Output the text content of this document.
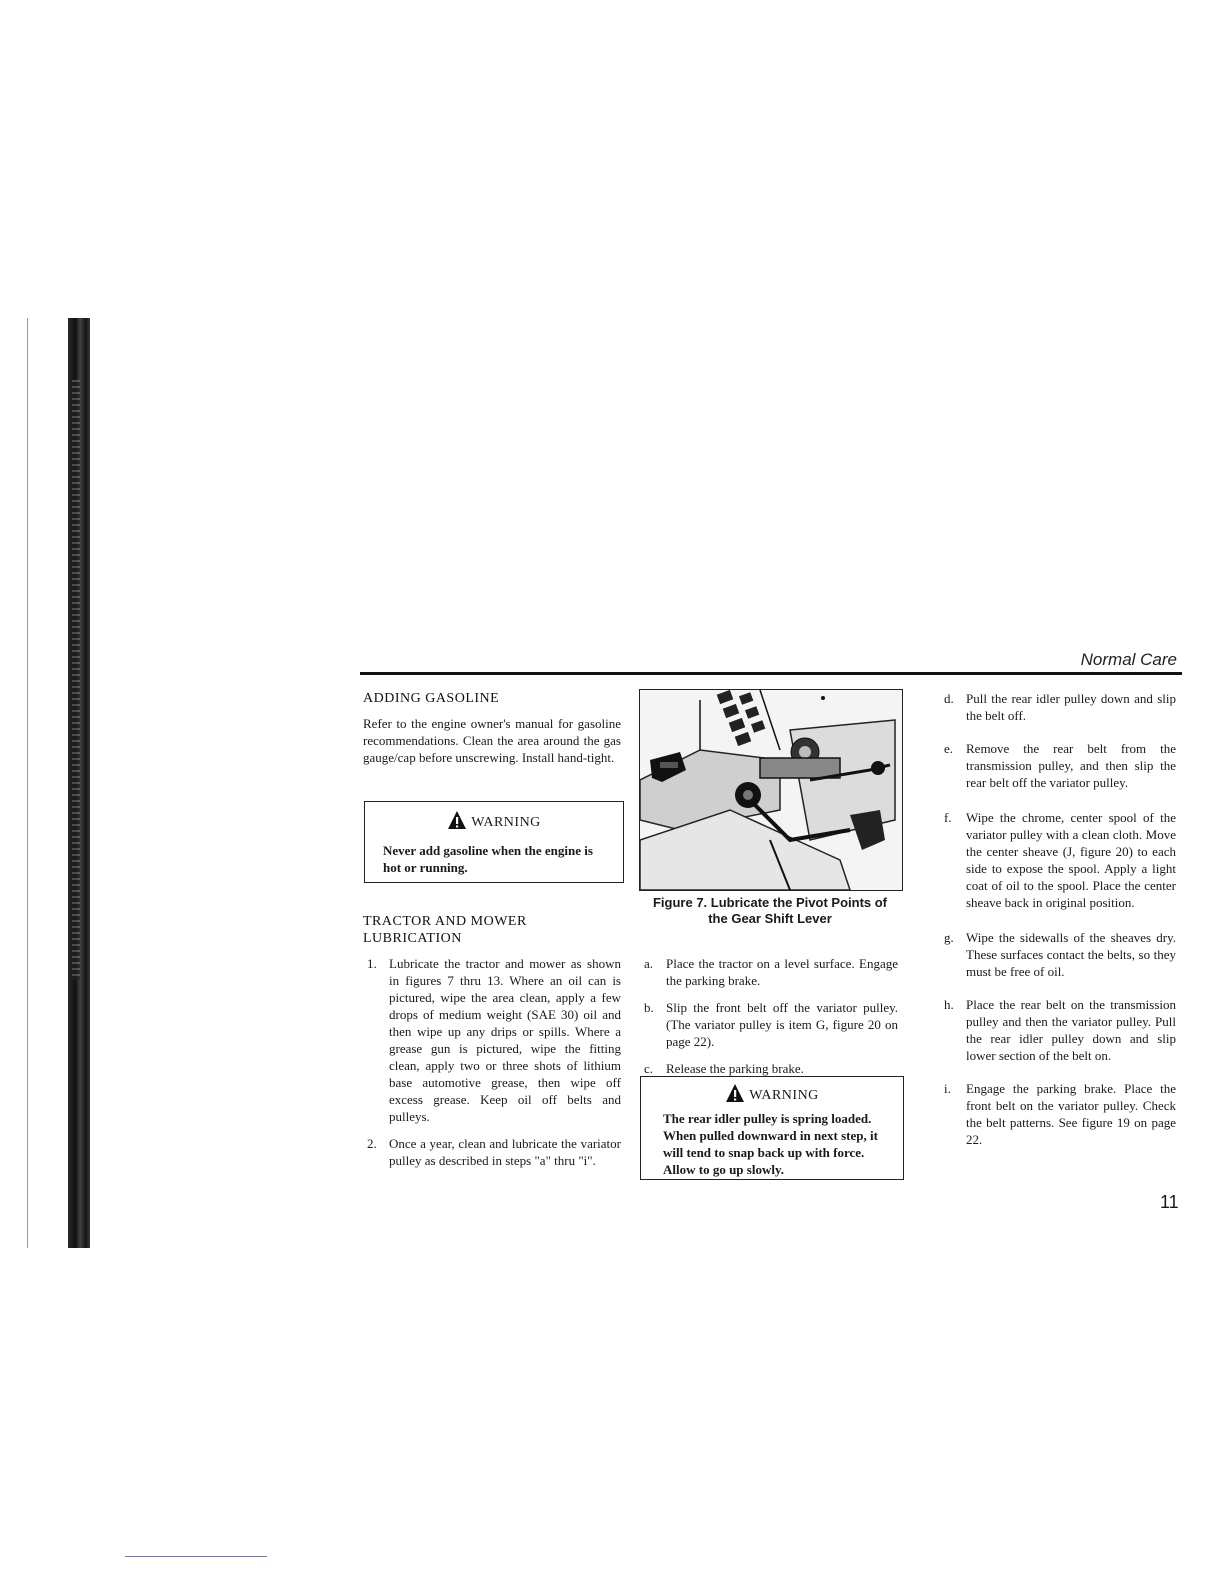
Normal Care
ADDING GASOLINE
Refer to the engine owner's manual for gasoline recommendations. Clean the area around the gas gauge/cap before unscrewing. Install hand-tight.
WARNING
Never add gasoline when the engine is hot or running.
TRACTOR AND MOWER
LUBRICATION
1. Lubricate the tractor and mower as shown in figures 7 thru 13. Where an oil can is pictured, wipe the area clean, apply a few drops of medium weight (SAE 30) oil and then wipe up any drips or spills. Where a grease gun is pictured, wipe the fitting clean, apply two or three shots of lithium base automotive grease, then wipe off excess grease. Keep oil off belts and pulleys.
2. Once a year, clean and lubricate the variator pulley as described in steps "a" thru "i".
Figure 7. Lubricate the Pivot Points of
the Gear Shift Lever
a. Place the tractor on a level surface. Engage the parking brake.
b. Slip the front belt off the variator pulley. (The variator pulley is item G, figure 20 on page 22).
c. Release the parking brake.
WARNING
The rear idler pulley is spring loaded. When pulled downward in next step, it will tend to snap back up with force. Allow to go up slowly.
d. Pull the rear idler pulley down and slip the belt off.
e. Remove the rear belt from the transmission pulley, and then slip the rear belt off the variator pulley.
f. Wipe the chrome, center spool of the variator pulley with a clean cloth. Move the center sheave (J, figure 20) to each side to expose the spool. Apply a light coat of oil to the spool. Place the center sheave back in original position.
g. Wipe the sidewalls of the sheaves dry. These surfaces contact the belts, so they must be free of oil.
h. Place the rear belt on the transmission pulley and then the variator pulley. Pull the rear idler pulley down and slip lower section of the belt on.
i. Engage the parking brake. Place the front belt on the variator pulley. Check the belt patterns. See figure 19 on page 22.
11
